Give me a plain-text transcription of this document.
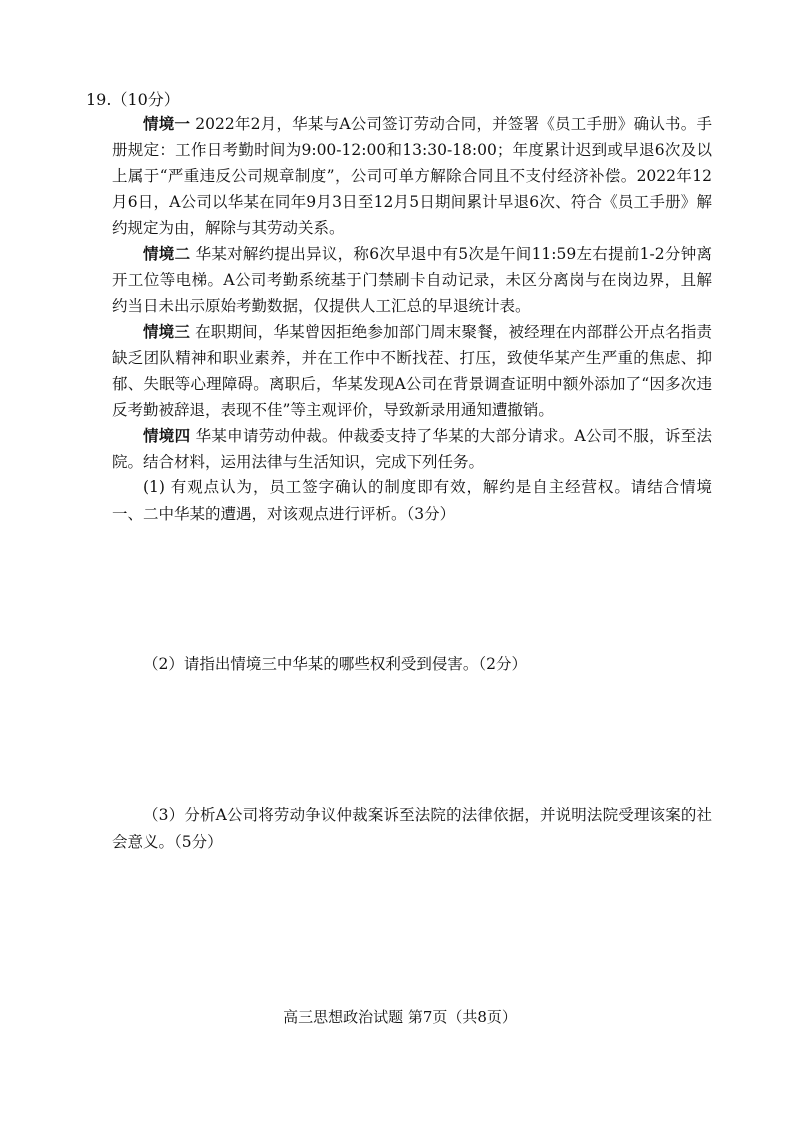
19.（10分）
情境一 2022年2月，华某与A公司签订劳动合同，并签署《员工手册》确认书。手册规定：工作日考勤时间为9:00-12:00和13:30-18:00；年度累计迟到或早退6次及以上属于“严重违反公司规章制度”，公司可单方解除合同且不支付经济补偿。2022年12月6日，A公司以华某在同年9月3日至12月5日期间累计早退6次、符合《员工手册》解约规定为由，解除与其劳动关系。
情境二 华某对解约提出异议，称6次早退中有5次是午间11:59左右提前1-2分钟离开工位等电梯。A公司考勤系统基于门禁刷卡自动记录，未区分离岗与在岗边界，且解约当日未出示原始考勤数据，仅提供人工汇总的早退统计表。
情境三 在职期间，华某曾因拒绝参加部门周末聚餐，被经理在内部群公开点名指责缺乏团队精神和职业素养，并在工作中不断找茬、打压，致使华某产生严重的焦虑、抑郁、失眠等心理障碍。离职后，华某发现A公司在背景调查证明中额外添加了“因多次违反考勤被辞退，表现不佳”等主观评价，导致新录用通知遭撤销。
情境四 华某申请劳动仲裁。仲裁委支持了华某的大部分请求。A公司不服，诉至法院。 结合材料，运用法律与生活知识，完成下列任务。
(1) 有观点认为，员工签字确认的制度即有效，解约是自主经营权。请结合情境一、二中华某的遭遇，对该观点进行评析。（3分）
（2）请指出情境三中华某的哪些权利受到侵害。（2分）
（3）分析A公司将劳动争议仲裁案诉至法院的法律依据，并说明法院受理该案的社会意义。（5分）
高三思想政治试题 第7页（共8页）
